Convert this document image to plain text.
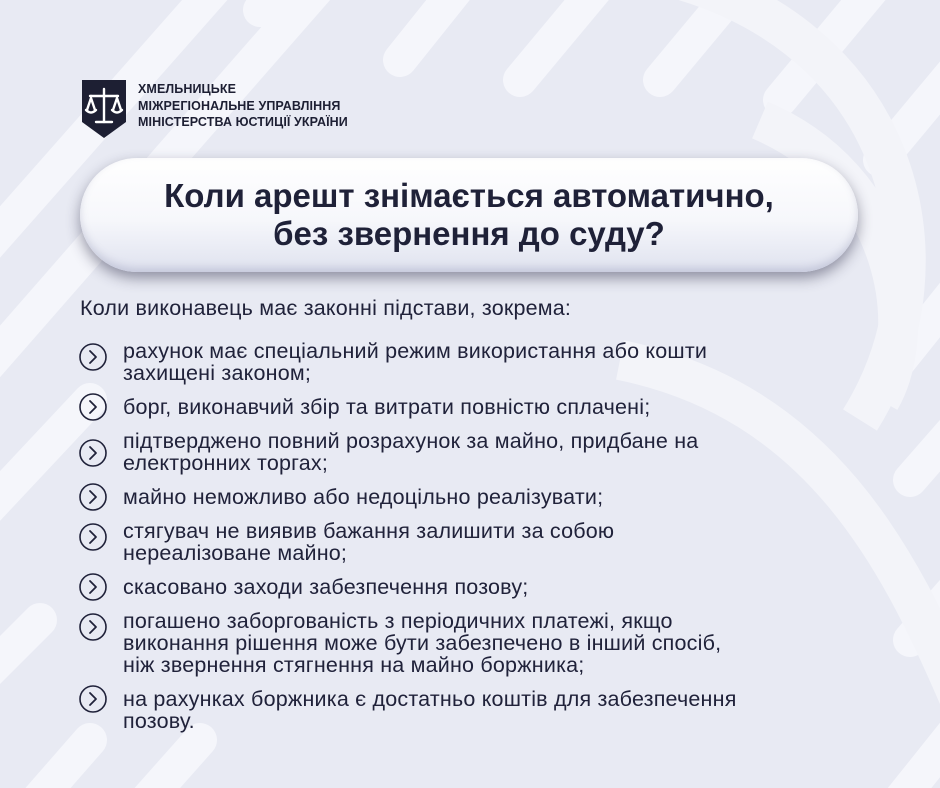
ХМЕЛЬНИЦЬКЕ
МІЖРЕГІОНАЛЬНЕ УПРАВЛІННЯ
МІНІСТЕРСТВА ЮСТИЦІЇ УКРАЇНИ
Коли арешт знімається автоматично,
без звернення до суду?
Коли виконавець має законні підстави, зокрема:
рахунок має спеціальний режим використання або кошти
захищені законом;
борг, виконавчий збір та витрати повністю сплачені;
підтверджено повний розрахунок за майно, придбане на
електронних торгах;
майно неможливо або недоцільно реалізувати;
стягувач не виявив бажання залишити за собою
нереалізоване майно;
скасовано заходи забезпечення позову;
погашено заборгованість з періодичних платежі, якщо
виконання рішення може бути забезпечено в інший спосіб,
ніж звернення стягнення на майно боржника;
на рахунках боржника є достатньо коштів для забезпечення
позову.
